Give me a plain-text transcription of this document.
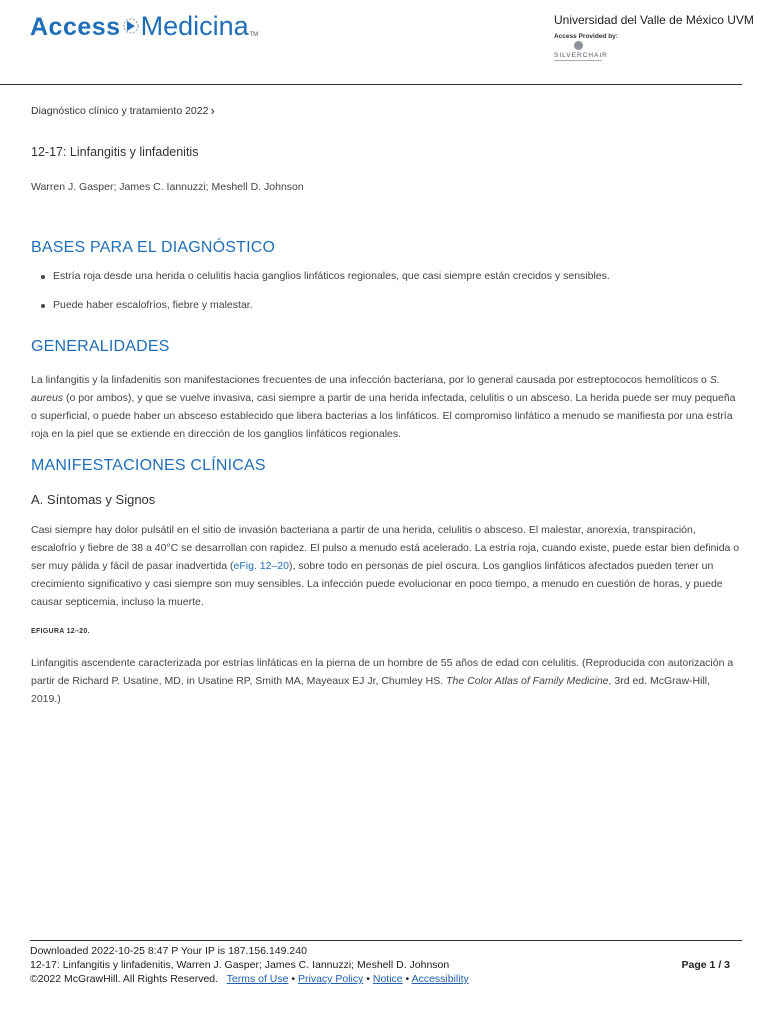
Access Medicina TM
Universidad del Valle de México UVM
Access Provided by:
SILVERCHAIR
Diagnóstico clínico y tratamiento 2022 ›
12-17: Linfangitis y linfadenitis
Warren J. Gasper; James C. Iannuzzi; Meshell D. Johnson
BASES PARA EL DIAGNÓSTICO
Estría roja desde una herida o celulitis hacia ganglios linfáticos regionales, que casi siempre están crecidos y sensibles.
Puede haber escalofríos, fiebre y malestar.
GENERALIDADES
La linfangitis y la linfadenitis son manifestaciones frecuentes de una infección bacteriana, por lo general causada por estreptococos hemolíticos o S. aureus (o por ambos), y que se vuelve invasiva, casi siempre a partir de una herida infectada, celulitis o un absceso. La herida puede ser muy pequeña o superficial, o puede haber un absceso establecido que libera bacterias a los linfáticos. El compromiso linfático a menudo se manifiesta por una estría roja en la piel que se extiende en dirección de los ganglios linfáticos regionales.
MANIFESTACIONES CLÍNICAS
A. Síntomas y Signos
Casi siempre hay dolor pulsátil en el sitio de invasión bacteriana a partir de una herida, celulitis o absceso. El malestar, anorexia, transpiración, escalofrío y fiebre de 38 a 40°C se desarrollan con rapidez. El pulso a menudo está acelerado. La estría roja, cuando existe, puede estar bien definida o ser muy pálida y fácil de pasar inadvertida (eFig. 12–20), sobre todo en personas de piel oscura. Los ganglios linfáticos afectados pueden tener un crecimiento significativo y casi siempre son muy sensibles. La infección puede evolucionar en poco tiempo, a menudo en cuestión de horas, y puede causar septicemia, incluso la muerte.
EFIGURA 12–20.
Linfangitis ascendente caracterizada por estrías linfáticas en la pierna de un hombre de 55 años de edad con celulitis. (Reproducida con autorización a partir de Richard P. Usatine, MD, in Usatine RP, Smith MA, Mayeaux EJ Jr, Chumley HS. The Color Atlas of Family Medicine, 3rd ed. McGraw-Hill, 2019.)
Downloaded 2022-10-25 8:47 P Your IP is 187.156.149.240
12-17: Linfangitis y linfadenitis, Warren J. Gasper; James C. Iannuzzi; Meshell D. Johnson
©2022 McGrawHill. All Rights Reserved. Terms of Use • Privacy Policy • Notice • Accessibility
Page 1 / 3
